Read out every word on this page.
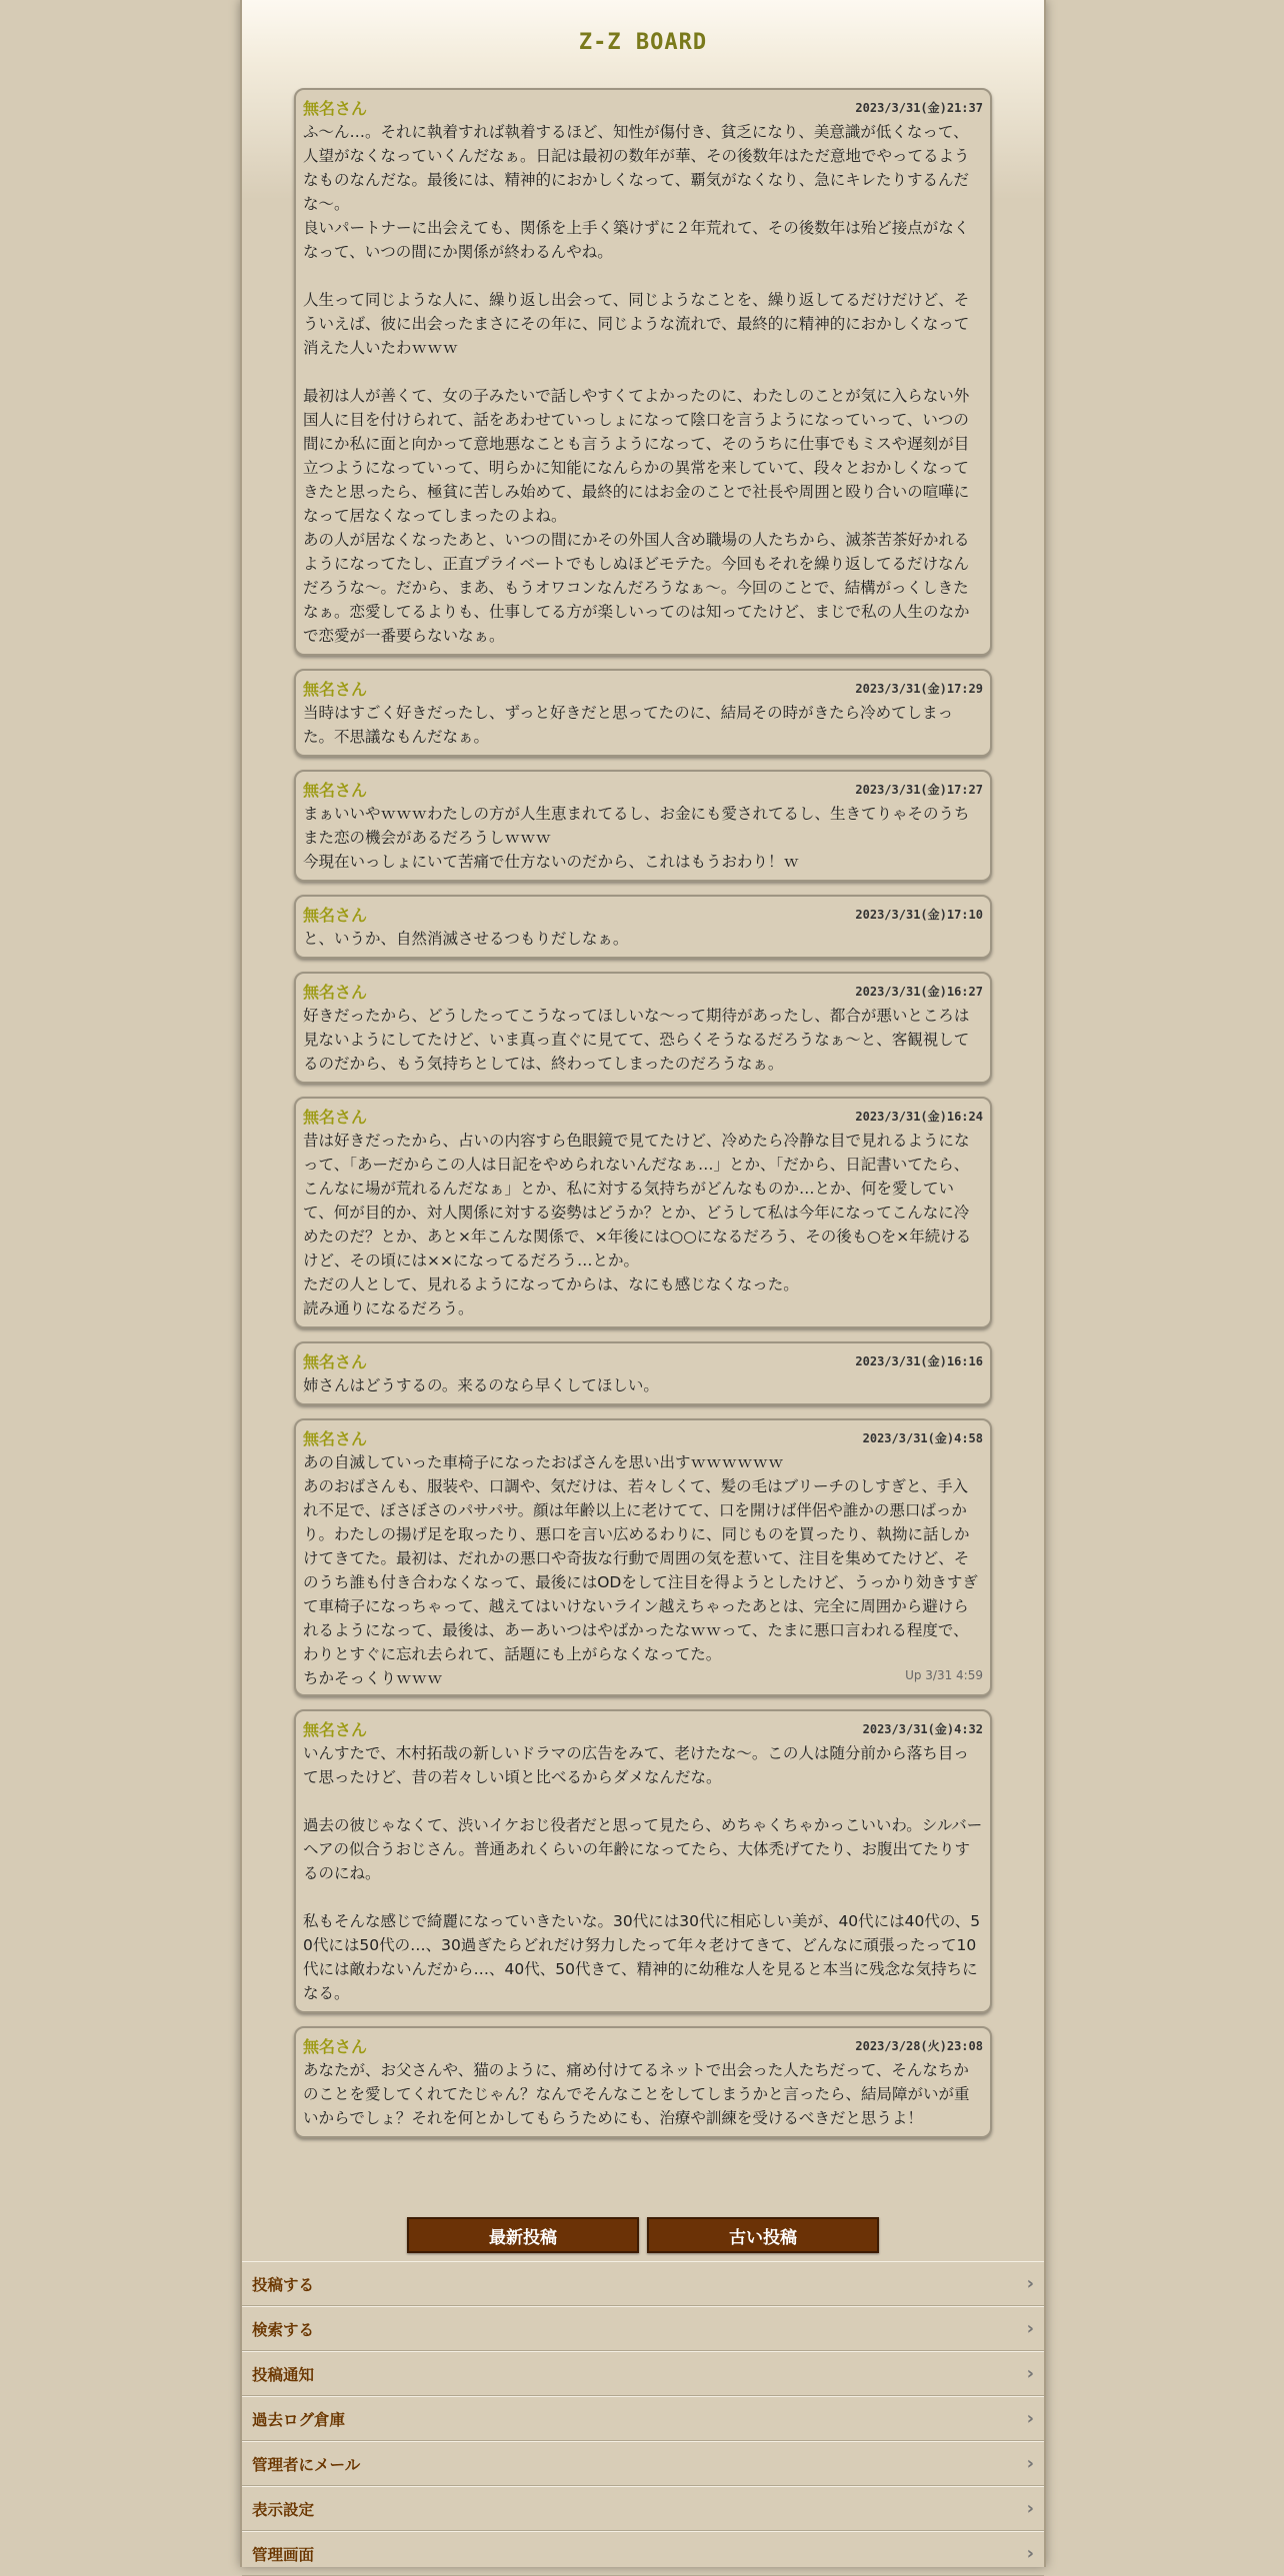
Z-Z BOARD
無名さん	2023/3/31(金)21:37
ふ～ん…。それに執着すれば執着するほど、知性が傷付き、貧乏になり、美意識が低くなって、人望がなくなっていくんだなぁ。日記は最初の数年が華、その後数年はただ意地でやってるようなものなんだな。最後には、精神的におかしくなって、覇気がなくなり、急にキレたりするんだな～。
良いパートナーに出会えても、関係を上手く築けずに２年荒れて、その後数年は殆ど接点がなくなって、いつの間にか関係が終わるんやね。

人生って同じような人に、繰り返し出会って、同じようなことを、繰り返してるだけだけど、そういえば、彼に出会ったまさにその年に、同じような流れで、最終的に精神的におかしくなって消えた人いたわｗｗｗ

最初は人が善くて、女の子みたいで話しやすくてよかったのに、わたしのことが気に入らない外国人に目を付けられて、話をあわせていっしょになって陰口を言うようになっていって、いつの間にか私に面と向かって意地悪なことも言うようになって、そのうちに仕事でもミスや遅刻が目立つようになっていって、明らかに知能になんらかの異常を来していて、段々とおかしくなってきたと思ったら、極貧に苦しみ始めて、最終的にはお金のことで社長や周囲と殴り合いの喧嘩になって居なくなってしまったのよね。
あの人が居なくなったあと、いつの間にかその外国人含め職場の人たちから、滅茶苦茶好かれるようになってたし、正直プライベートでもしぬほどモテた。今回もそれを繰り返してるだけなんだろうな～。だから、まあ、もうオワコンなんだろうなぁ～。今回のことで、結構がっくしきたなぁ。恋愛してるよりも、仕事してる方が楽しいってのは知ってたけど、まじで私の人生のなかで恋愛が一番要らないなぁ。
無名さん	2023/3/31(金)17:29
当時はすごく好きだったし、ずっと好きだと思ってたのに、結局その時がきたら冷めてしまった。不思議なもんだなぁ。
無名さん	2023/3/31(金)17:27
まぁいいやｗｗｗわたしの方が人生恵まれてるし、お金にも愛されてるし、生きてりゃそのうちまた恋の機会があるだろうしｗｗｗ
今現在いっしょにいて苦痛で仕方ないのだから、これはもうおわり！ｗ
無名さん	2023/3/31(金)17:10
と、いうか、自然消滅させるつもりだしなぁ。
無名さん	2023/3/31(金)16:27
好きだったから、どうしたってこうなってほしいな～って期待があったし、都合が悪いところは見ないようにしてたけど、いま真っ直ぐに見てて、恐らくそうなるだろうなぁ～と、客観視してるのだから、もう気持ちとしては、終わってしまったのだろうなぁ。
無名さん	2023/3/31(金)16:24
昔は好きだったから、占いの内容すら色眼鏡で見てたけど、冷めたら冷静な目で見れるようになって、「あーだからこの人は日記をやめられないんだなぁ…」とか、「だから、日記書いてたら、こんなに場が荒れるんだなぁ」とか、私に対する気持ちがどんなものか…とか、何を愛していて、何が目的か、対人関係に対する姿勢はどうか？とか、どうして私は今年になってこんなに冷めたのだ？とか、あと×年こんな関係で、×年後には○○になるだろう、その後も○を×年続けるけど、その頃には××になってるだろう…とか。
ただの人として、見れるようになってからは、なにも感じなくなった。
読み通りになるだろう。
無名さん	2023/3/31(金)16:16
姉さんはどうするの。来るのなら早くしてほしい。
無名さん	2023/3/31(金)4:58
あの自滅していった車椅子になったおばさんを思い出すｗｗｗｗｗｗ
あのおばさんも、服装や、口調や、気だけは、若々しくて、髪の毛はブリーチのしすぎと、手入れ不足で、ぼさぼさのパサパサ。顔は年齢以上に老けてて、口を開けば伴侶や誰かの悪口ばっかり。わたしの揚げ足を取ったり、悪口を言い広めるわりに、同じものを買ったり、執拗に話しかけてきてた。最初は、だれかの悪口や奇抜な行動で周囲の気を惹いて、注目を集めてたけど、そのうち誰も付き合わなくなって、最後にはODをして注目を得ようとしたけど、うっかり効きすぎて車椅子になっちゃって、越えてはいけないライン越えちゃったあとは、完全に周囲から避けられるようになって、最後は、あーあいつはやばかったなｗｗって、たまに悪口言われる程度で、わりとすぐに忘れ去られて、話題にも上がらなくなってた。
ちかそっくりｗｗｗ	Up 3/31 4:59
無名さん	2023/3/31(金)4:32
いんすたで、木村拓哉の新しいドラマの広告をみて、老けたな～。この人は随分前から落ち目って思ったけど、昔の若々しい頃と比べるからダメなんだな。

過去の彼じゃなくて、渋いイケおじ役者だと思って見たら、めちゃくちゃかっこいいわ。シルバーヘアの似合うおじさん。普通あれくらいの年齢になってたら、大体禿げてたり、お腹出てたりするのにね。

私もそんな感じで綺麗になっていきたいな。30代には30代に相応しい美が、40代には40代の、50代には50代の…、30過ぎたらどれだけ努力したって年々老けてきて、どんなに頑張ったって10代には敵わないんだから…、40代、50代きて、精神的に幼稚な人を見ると本当に残念な気持ちになる。
無名さん	2023/3/28(火)23:08
あなたが、お父さんや、猫のように、痛め付けてるネットで出会った人たちだって、そんなちかのことを愛してくれてたじゃん？なんでそんなことをしてしまうかと言ったら、結局障がいが重いからでしょ？それを何とかしてもらうためにも、治療や訓練を受けるべきだと思うよ！
最新投稿	古い投稿
投稿する	›
検索する	›
投稿通知	›
過去ログ倉庫	›
管理者にメール	›
表示設定	›
管理画面	›
